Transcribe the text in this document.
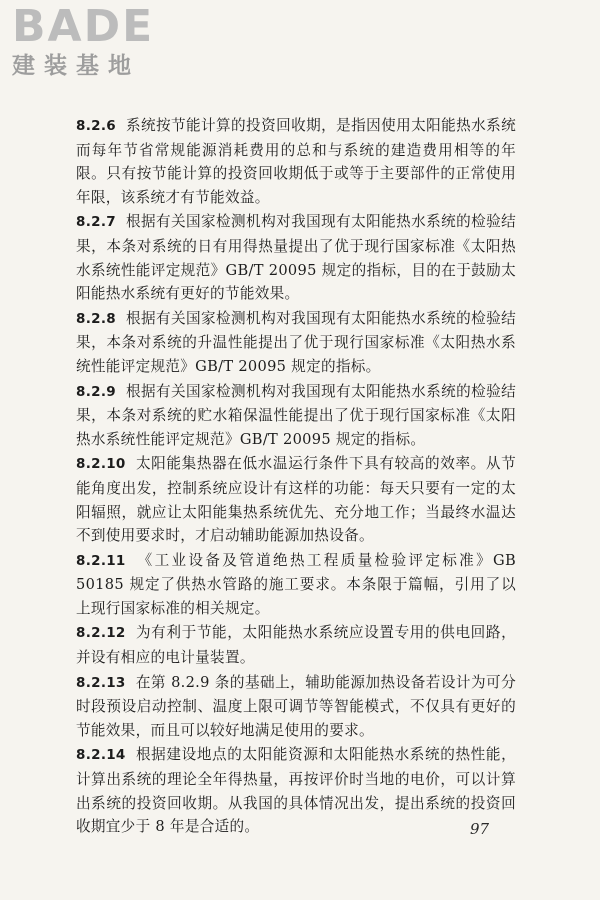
BADE
建装基地

8.2.6 系统按节能计算的投资回收期，是指因使用太阳能热水系统而每年节省常规能源消耗费用的总和与系统的建造费用相等的年限。只有按节能计算的投资回收期低于或等于主要部件的正常使用年限，该系统才有节能效益。

8.2.7 根据有关国家检测机构对我国现有太阳能热水系统的检验结果，本条对系统的日有用得热量提出了优于现行国家标准《太阳热水系统性能评定规范》GB/T 20095 规定的指标，目的在于鼓励太阳能热水系统有更好的节能效果。

8.2.8 根据有关国家检测机构对我国现有太阳能热水系统的检验结果，本条对系统的升温性能提出了优于现行国家标准《太阳热水系统性能评定规范》GB/T 20095 规定的指标。

8.2.9 根据有关国家检测机构对我国现有太阳能热水系统的检验结果，本条对系统的贮水箱保温性能提出了优于现行国家标准《太阳热水系统性能评定规范》GB/T 20095 规定的指标。

8.2.10 太阳能集热器在低水温运行条件下具有较高的效率。从节能角度出发，控制系统应设计有这样的功能：每天只要有一定的太阳辐照，就应让太阳能集热系统优先、充分地工作；当最终水温达不到使用要求时，才启动辅助能源加热设备。

8.2.11 《工业设备及管道绝热工程质量检验评定标准》GB 50185 规定了供热水管路的施工要求。本条限于篇幅，引用了以上现行国家标准的相关规定。

8.2.12 为有利于节能，太阳能热水系统应设置专用的供电回路，并设有相应的电计量装置。

8.2.13 在第 8.2.9 条的基础上，辅助能源加热设备若设计为可分时段预设启动控制、温度上限可调节等智能模式，不仅具有更好的节能效果，而且可以较好地满足使用的要求。

8.2.14 根据建设地点的太阳能资源和太阳能热水系统的热性能，计算出系统的理论全年得热量，再按评价时当地的电价，可以计算出系统的投资回收期。从我国的具体情况出发，提出系统的投资回收期宜少于 8 年是合适的。	97
